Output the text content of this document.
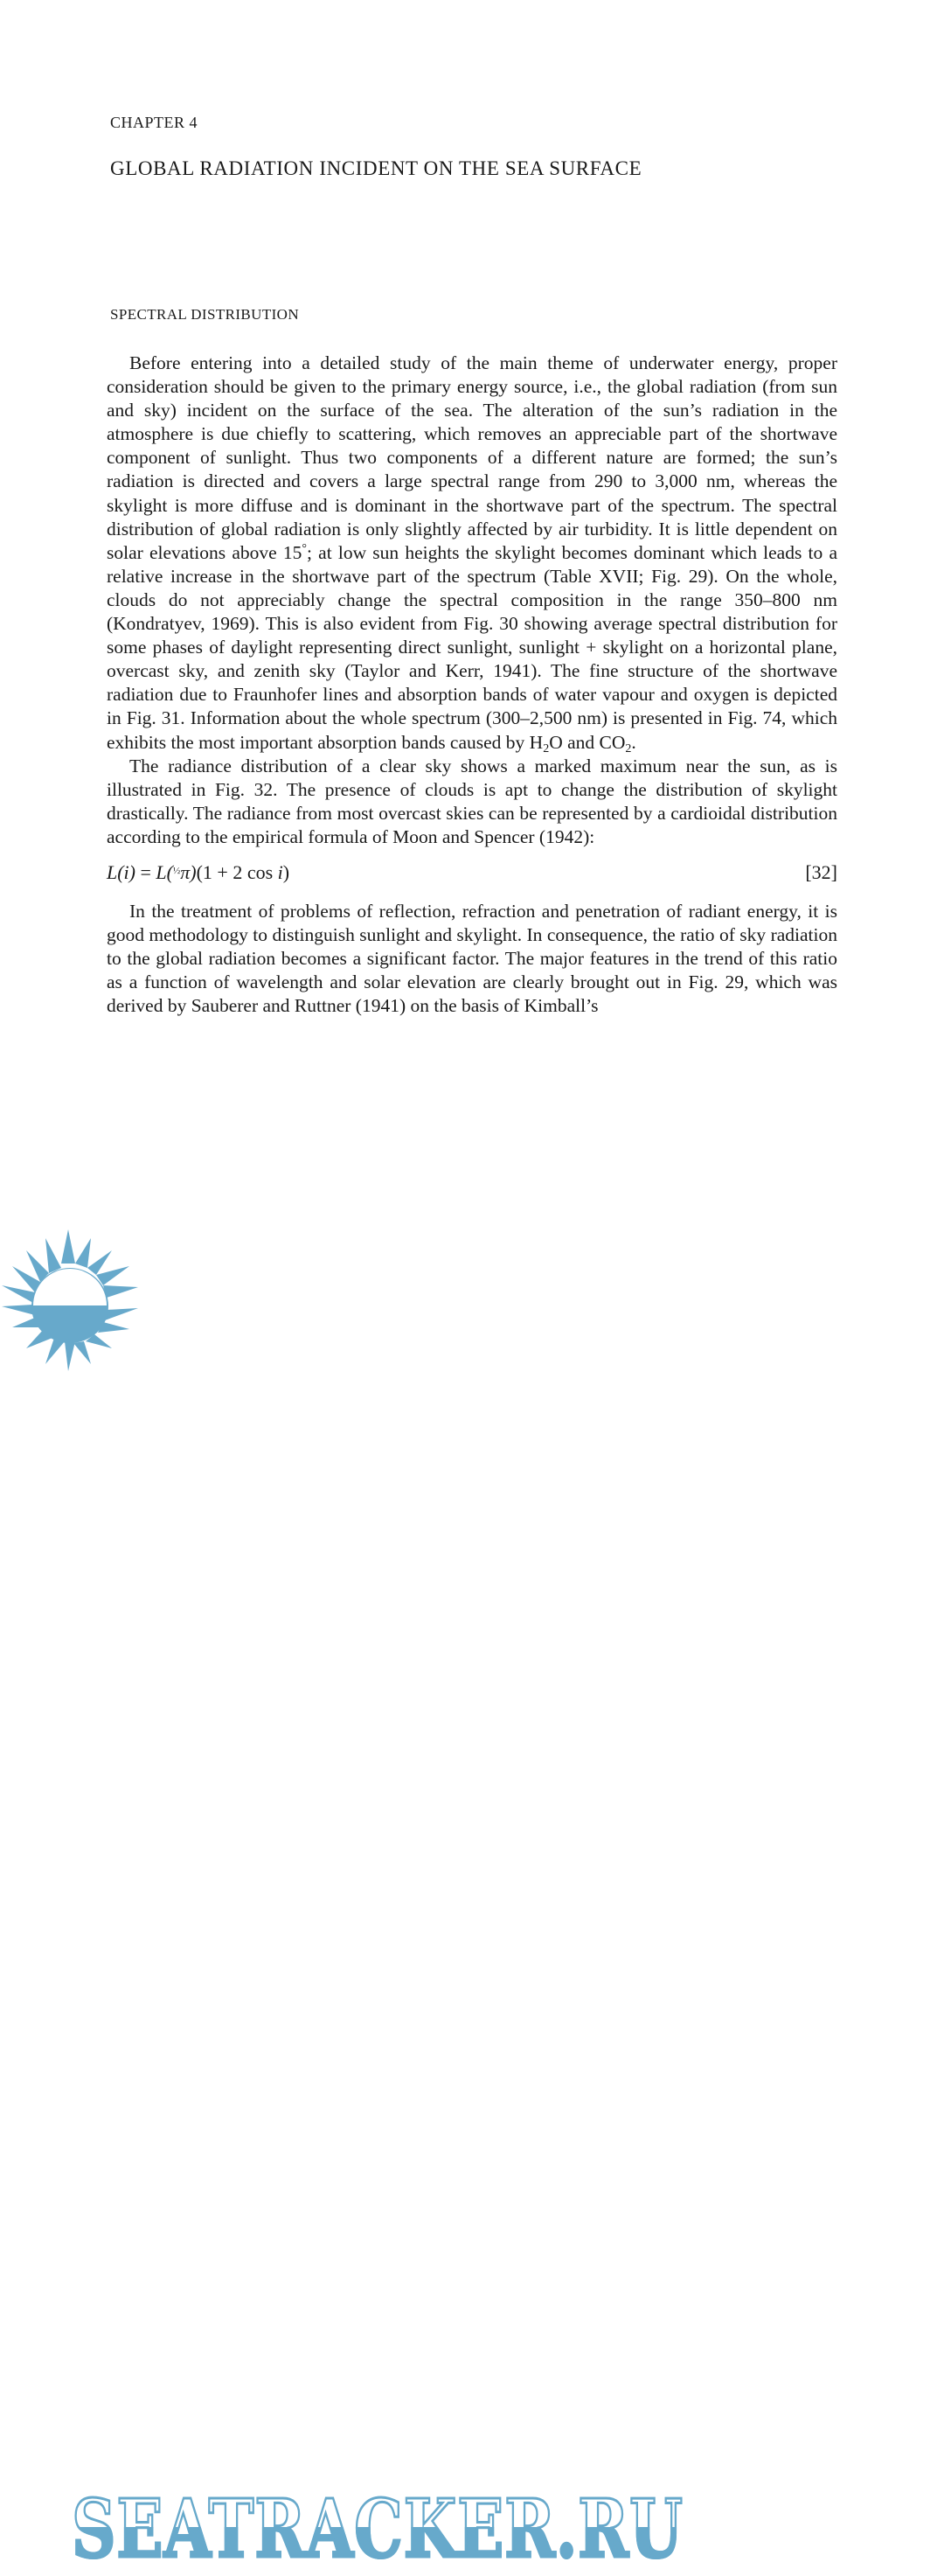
CHAPTER 4
GLOBAL RADIATION INCIDENT ON THE SEA SURFACE
SPECTRAL DISTRIBUTION

Before entering into a detailed study of the main theme of underwater energy, proper consideration should be given to the primary energy source, i.e., the global radiation (from sun and sky) incident on the surface of the sea. The alteration of the sun’s radiation in the atmosphere is due chiefly to scattering, which removes an appreciable part of the shortwave component of sunlight. Thus two components of a different nature are formed; the sun’s radiation is directed and covers a large spectral range from 290 to 3,000 nm, whereas the skylight is more diffuse and is dominant in the shortwave part of the spectrum. The spectral distribution of global radiation is only slightly affected by air turbidity. It is little dependent on solar elevations above 15°; at low sun heights the skylight becomes dominant which leads to a relative increase in the shortwave part of the spectrum (Table XVII; Fig. 29). On the whole, clouds do not appreciably change the spectral composition in the range 350–800 nm (Kondratyev, 1969). This is also evident from Fig. 30 showing average spectral distribution for some phases of daylight representing direct sunlight, sunlight + skylight on a horizontal plane, overcast sky, and zenith sky (Taylor and Kerr, 1941). The fine structure of the shortwave radiation due to Fraunhofer lines and absorption bands of water vapour and oxygen is depicted in Fig. 31. Information about the whole spectrum (300–2,500 nm) is presented in Fig. 74, which exhibits the most important absorption bands caused by $H_2O$ and $CO_2$.

The radiance distribution of a clear sky shows a marked maximum near the sun, as is illustrated in Fig. 32. The presence of clouds is apt to change the distribution of skylight drastically. The radiance from most overcast skies can be represented by a cardioidal distribution according to the empirical formula of Moon and Spencer (1942):

L(i) = L(½π)(1 + 2 cos i)	[32]

In the treatment of problems of reflection, refraction and penetration of radiant energy, it is good methodology to distinguish sunlight and skylight. In consequence, the ratio of sky radiation to the global radiation becomes a significant factor. The major features in the trend of this ratio as a function of wavelength and solar elevation are clearly brought out in Fig. 29, which was derived by Sauberer and Ruttner (1941) on the basis of Kimball’s

SEATRACKER.RU
